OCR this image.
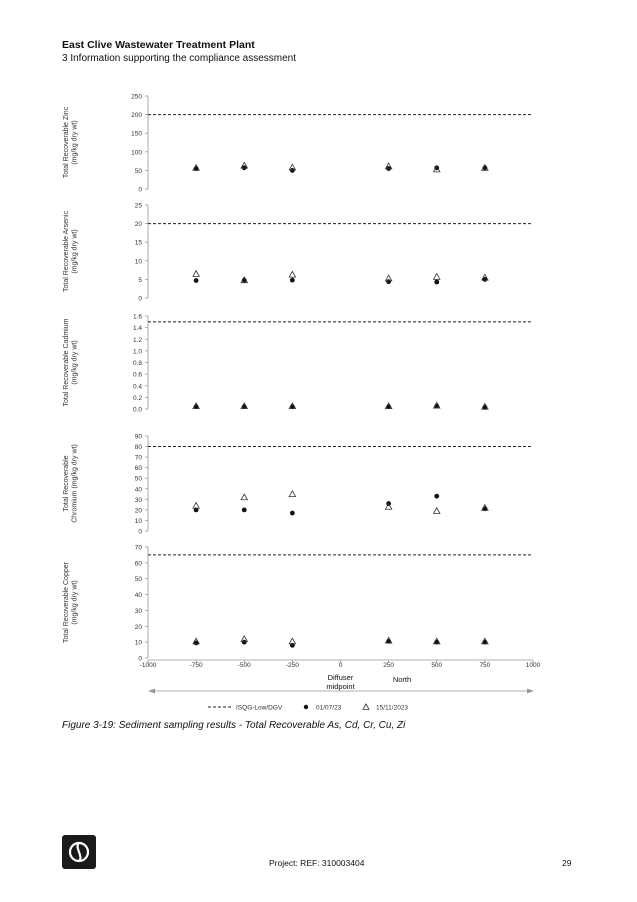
East Clive Wastewater Treatment Plant
3 Information supporting the compliance assessment
0
50
100
150
200
250
Total Recoverable Zinc (mg/kg dry wt)
0
5
10
15
20
25
Total Recoverable Arsenic (mg/kg dry wt)
0.0
0.2
0.4
0.6
0.8
1.0
1.2
1.4
1.6
Total Recoverable Cadmium (mg/kg dry wt)
0
10
20
30
40
50
60
70
80
90
Total Recoverable Chromium (mg/kg dry wt)
0
10
20
30
40
50
60
70
Total Recoverable Copper (mg/kg dry wt)
-1000	-750	-500	-250	0	250	500	750	1000
Diffuser midpoint
North
ISQG-Low/DGV	01/07/23	15/11/2023
Figure 3-19: Sediment sampling results - Total Recoverable As, Cd, Cr, Cu, Zi
Project: REF: 310003404	29
